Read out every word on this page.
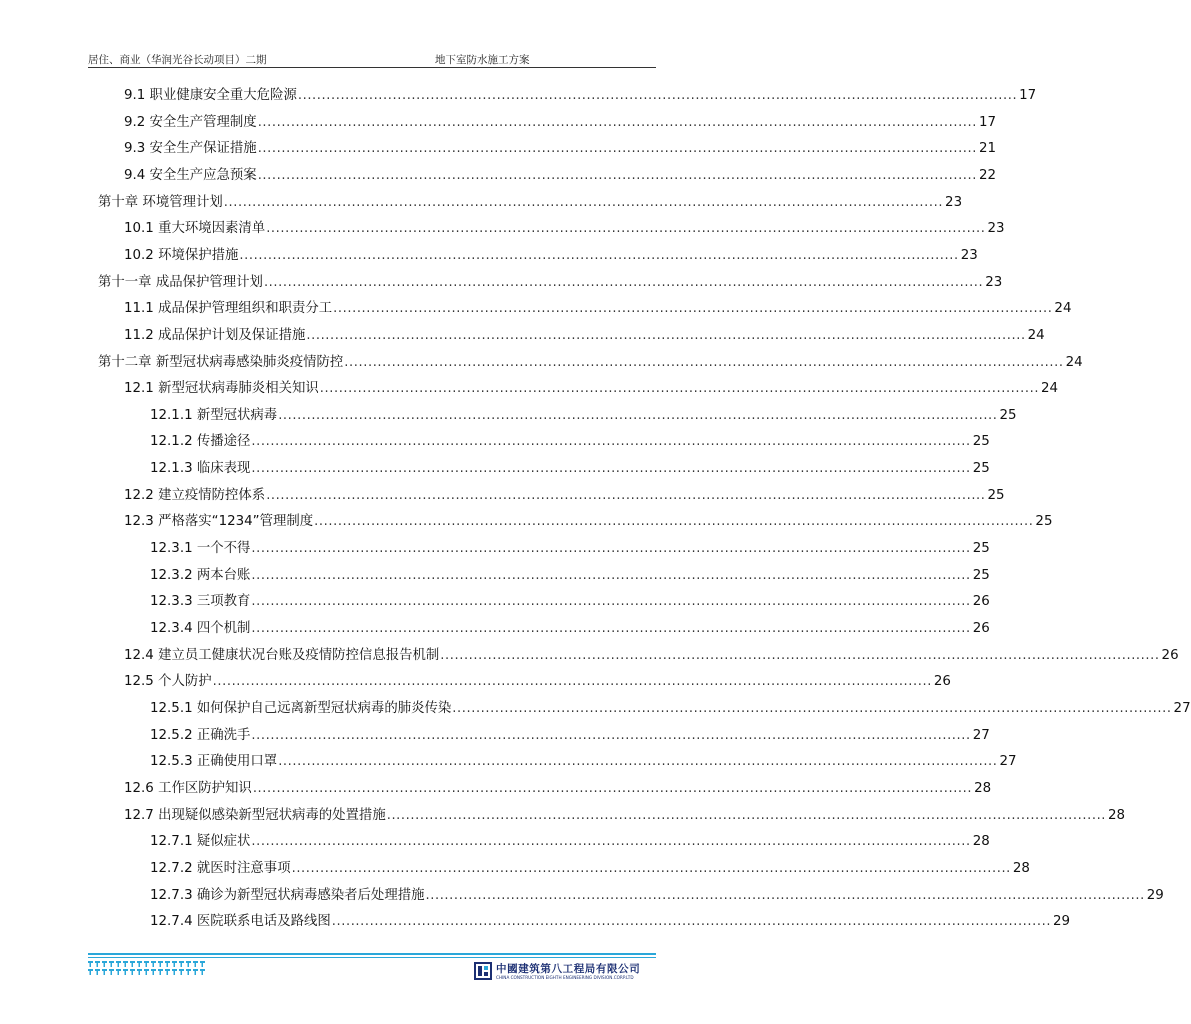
居住、商业（华润光谷长动项目）二期	地下室防水施工方案
9.1 职业健康安全重大危险源 ........................................................................................................................................................ 17
9.2 安全生产管理制度 ........................................................................................................................................................ 17
9.3 安全生产保证措施 ........................................................................................................................................................ 21
9.4 安全生产应急预案 ........................................................................................................................................................ 22
第十章 环境管理计划 ........................................................................................................................................................ 23
10.1 重大环境因素清单 ........................................................................................................................................................ 23
10.2 环境保护措施 ........................................................................................................................................................ 23
第十一章 成品保护管理计划 ........................................................................................................................................................ 23
11.1 成品保护管理组织和职责分工 ........................................................................................................................................................ 24
11.2 成品保护计划及保证措施 ........................................................................................................................................................ 24
第十二章 新型冠状病毒感染肺炎疫情防控 ........................................................................................................................................................ 24
12.1 新型冠状病毒肺炎相关知识 ........................................................................................................................................................ 24
12.1.1 新型冠状病毒 ........................................................................................................................................................ 25
12.1.2 传播途径 ........................................................................................................................................................ 25
12.1.3 临床表现 ........................................................................................................................................................ 25
12.2 建立疫情防控体系 ........................................................................................................................................................ 25
12.3 严格落实“1234”管理制度 ........................................................................................................................................................ 25
12.3.1 一个不得 ........................................................................................................................................................ 25
12.3.2 两本台账 ........................................................................................................................................................ 25
12.3.3 三项教育 ........................................................................................................................................................ 26
12.3.4 四个机制 ........................................................................................................................................................ 26
12.4 建立员工健康状况台账及疫情防控信息报告机制 ........................................................................................................................................................ 26
12.5 个人防护 ........................................................................................................................................................ 26
12.5.1 如何保护自己远离新型冠状病毒的肺炎传染 ........................................................................................................................................................ 27
12.5.2 正确洗手 ........................................................................................................................................................ 27
12.5.3 正确使用口罩 ........................................................................................................................................................ 27
12.6 工作区防护知识 ........................................................................................................................................................ 28
12.7 出现疑似感染新型冠状病毒的处置措施 ........................................................................................................................................................ 28
12.7.1 疑似症状 ........................................................................................................................................................ 28
12.7.2 就医时注意事项 ........................................................................................................................................................ 28
12.7.3 确诊为新型冠状病毒感染者后处理措施 ........................................................................................................................................................ 29
12.7.4 医院联系电话及路线图 ........................................................................................................................................................ 29
中國建筑第八工程局有限公司
CHINA CONSTRUCTION EIGHTH ENGINEERING DIVISION.CORP.LTD
